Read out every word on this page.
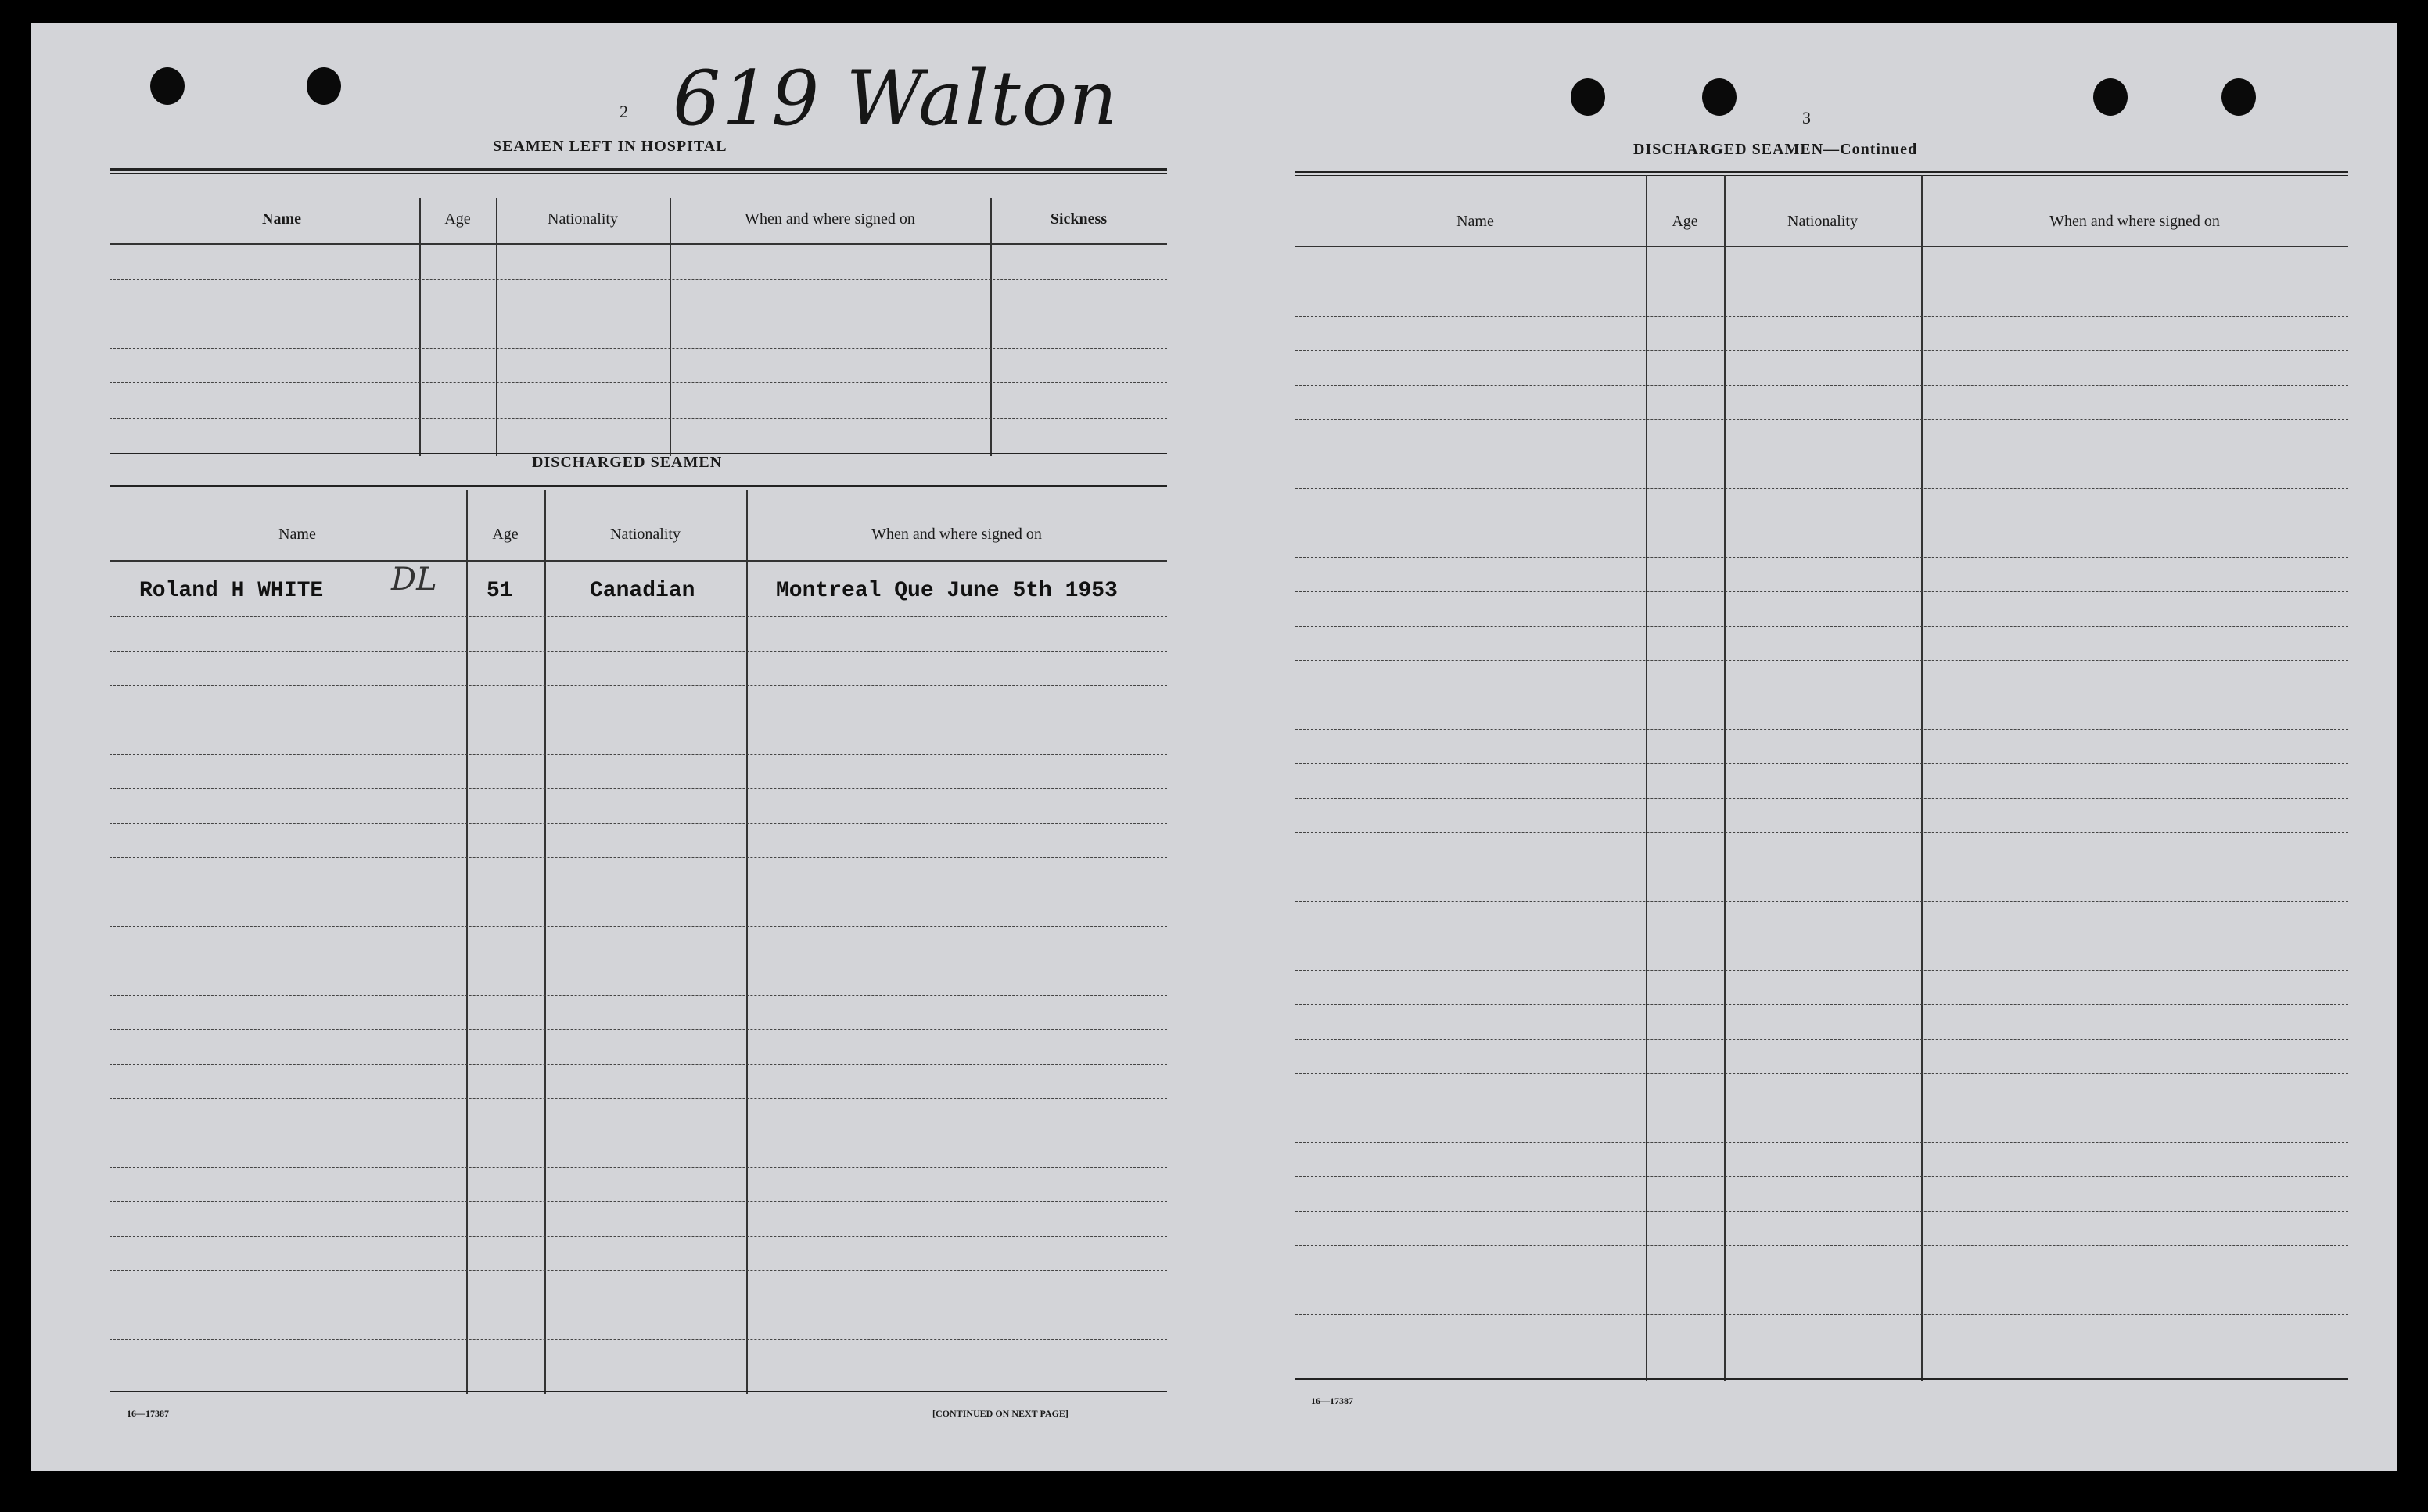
2 619 Walton
SEAMEN LEFT IN HOSPITAL
Name	Age	Nationality	When and where signed on	Sickness
DISCHARGED SEAMEN
Name	Age	Nationality	When and where signed on
Roland H WHITE DL 51	Canadian	Montreal Que June 5th 1953
16—17387	[CONTINUED ON NEXT PAGE]
3
DISCHARGED SEAMEN—Continued
Name	Age	Nationality	When and where signed on
16—17387
